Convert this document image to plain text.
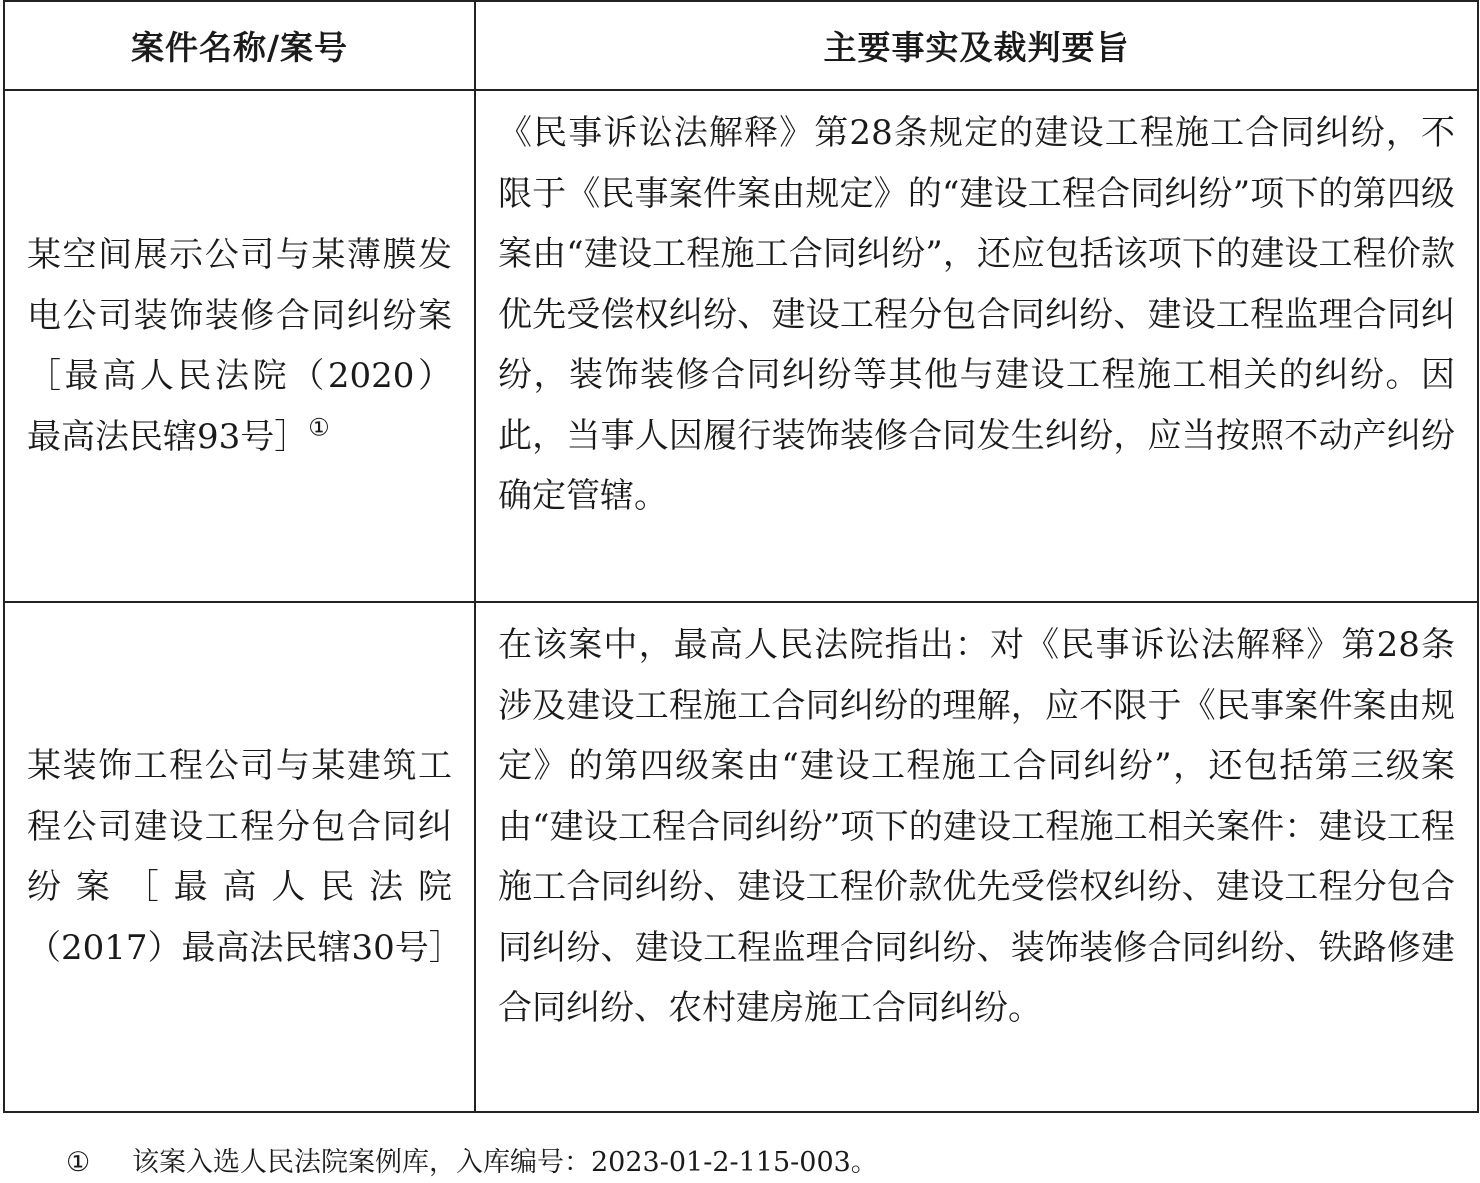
案件名称/案号	主要事实及裁判要旨
某空间展示公司与某薄膜发电公司装饰装修合同纠纷案［最高人民法院（2020）最高法民辖93号］①	《民事诉讼法解释》第28条规定的建设工程施工合同纠纷，不限于《民事案件案由规定》的“建设工程合同纠纷”项下的第四级案由“建设工程施工合同纠纷”，还应包括该项下的建设工程价款优先受偿权纠纷、建设工程分包合同纠纷、建设工程监理合同纠纷，装饰装修合同纠纷等其他与建设工程施工相关的纠纷。因此，当事人因履行装饰装修合同发生纠纷，应当按照不动产纠纷确定管辖。
某装饰工程公司与某建筑工程公司建设工程分包合同纠纷案［最高人民法院（2017）最高法民辖30号］	在该案中，最高人民法院指出：对《民事诉讼法解释》第28条涉及建设工程施工合同纠纷的理解，应不限于《民事案件案由规定》的第四级案由“建设工程施工合同纠纷”，还包括第三级案由“建设工程合同纠纷”项下的建设工程施工相关案件：建设工程施工合同纠纷、建设工程价款优先受偿权纠纷、建设工程分包合同纠纷、建设工程监理合同纠纷、装饰装修合同纠纷、铁路修建合同纠纷、农村建房施工合同纠纷。
① 该案入选人民法院案例库，入库编号：2023-01-2-115-003。
